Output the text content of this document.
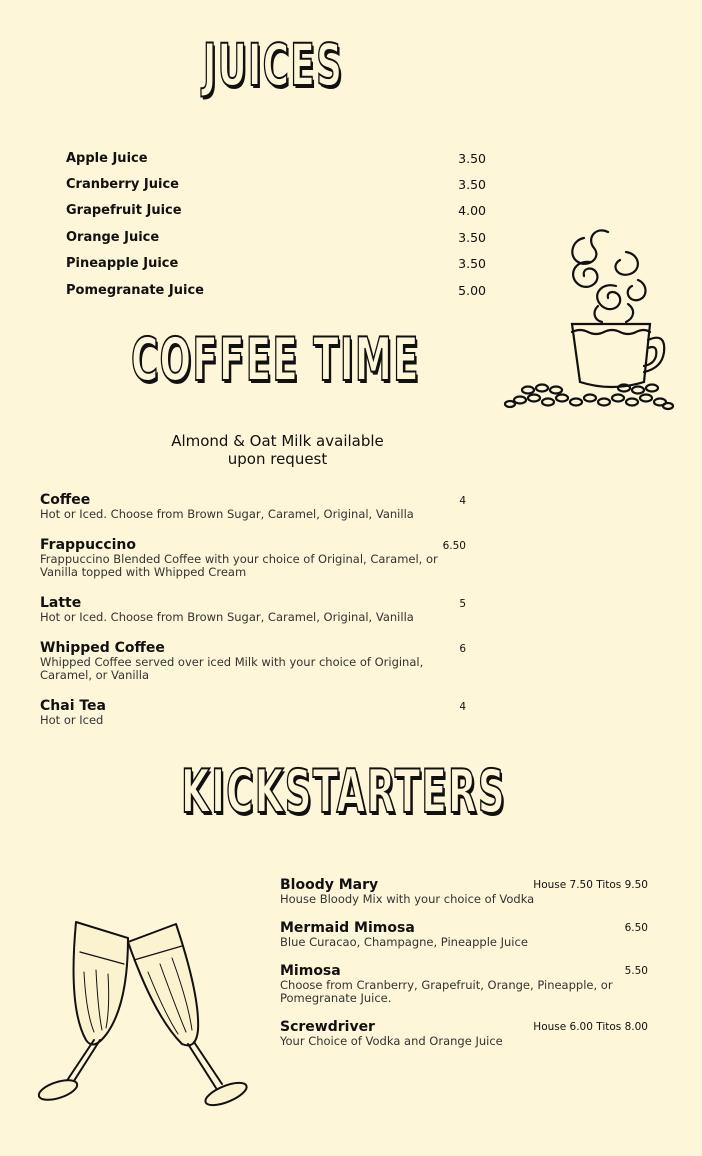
JUICES
Apple Juice	3.50
Cranberry Juice	3.50
Grapefruit Juice	4.00
Orange Juice	3.50
Pineapple Juice	3.50
Pomegranate Juice	5.00
COFFEE TIME
Almond & Oat Milk available
upon request
Coffee
Hot or Iced. Choose from Brown Sugar, Caramel, Original, Vanilla
4
Frappuccino
Frappuccino Blended Coffee with your choice of Original, Caramel, or Vanilla topped with Whipped Cream
6.50
Latte
Hot or Iced. Choose from Brown Sugar, Caramel, Original, Vanilla
5
Whipped Coffee
Whipped Coffee served over iced Milk with your choice of Original, Caramel, or Vanilla
6
Chai Tea
Hot or Iced
4
KICKSTARTERS
Bloody Mary
House Bloody Mix with your choice of Vodka
House 7.50 Titos 9.50
Mermaid Mimosa
Blue Curacao, Champagne, Pineapple Juice
6.50
Mimosa
Choose from Cranberry, Grapefruit, Orange, Pineapple, or Pomegranate Juice.
5.50
Screwdriver
Your Choice of Vodka and Orange Juice
House 6.00 Titos 8.00
